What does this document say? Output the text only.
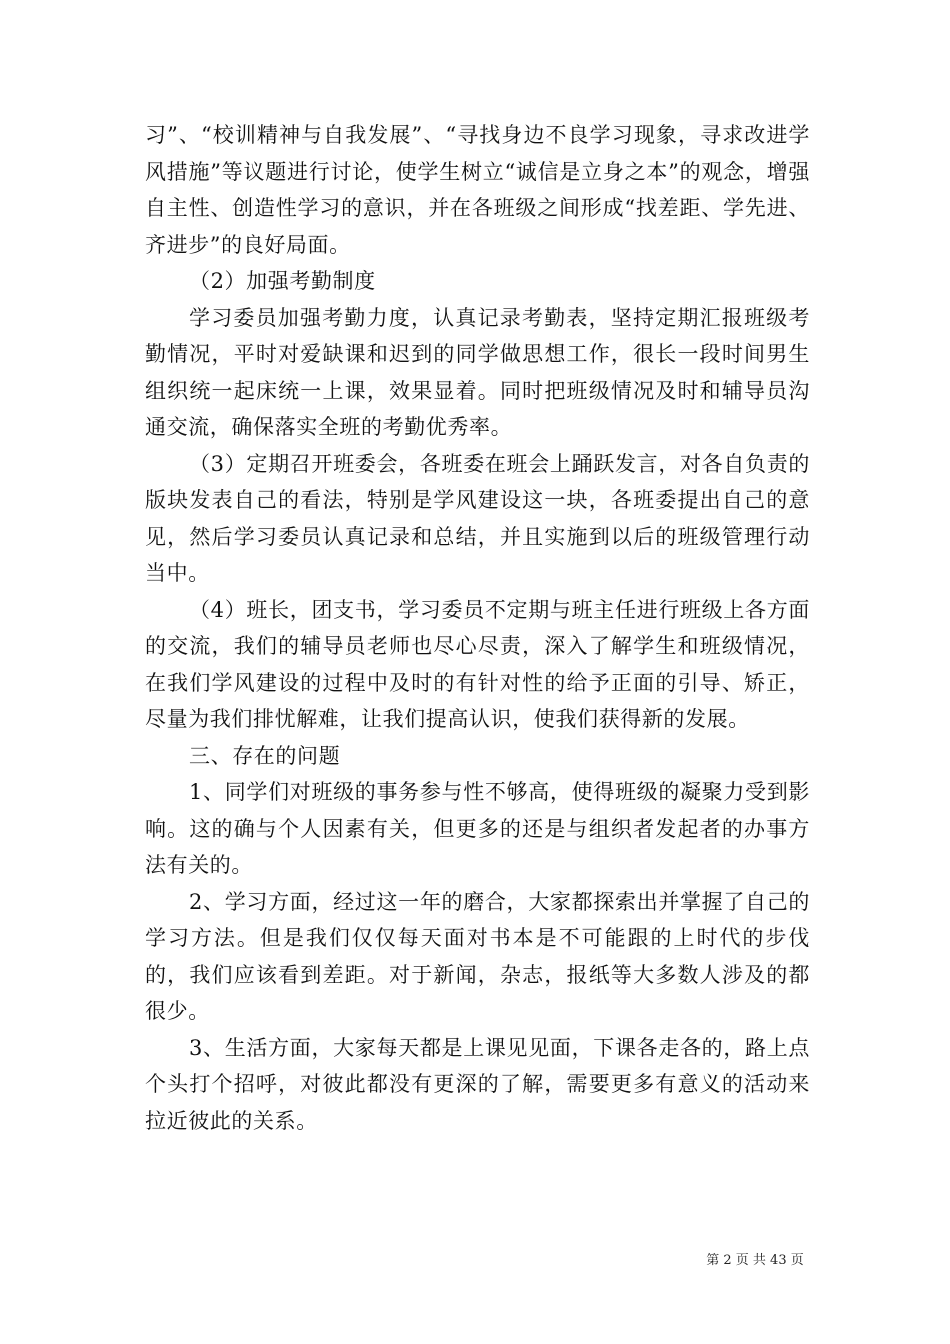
习”、“校训精神与自我发展”、“寻找身边不良学习现象，寻求改进学风措施”等议题进行讨论，使学生树立“诚信是立身之本”的观念，增强自主性、创造性学习的意识，并在各班级之间形成“找差距、学先进、齐进步”的良好局面。

（2）加强考勤制度

学习委员加强考勤力度，认真记录考勤表，坚持定期汇报班级考勤情况，平时对爱缺课和迟到的同学做思想工作，很长一段时间男生组织统一起床统一上课，效果显着。同时把班级情况及时和辅导员沟通交流，确保落实全班的考勤优秀率。

（3）定期召开班委会，各班委在班会上踊跃发言，对各自负责的版块发表自己的看法，特别是学风建设这一块，各班委提出自己的意见，然后学习委员认真记录和总结，并且实施到以后的班级管理行动当中。

（4）班长，团支书，学习委员不定期与班主任进行班级上各方面的交流，我们的辅导员老师也尽心尽责，深入了解学生和班级情况，在我们学风建设的过程中及时的有针对性的给予正面的引导、矫正，尽量为我们排忧解难，让我们提高认识，使我们获得新的发展。

三、存在的问题

1、同学们对班级的事务参与性不够高，使得班级的凝聚力受到影响。这的确与个人因素有关，但更多的还是与组织者发起者的办事方法有关的。

2、学习方面，经过这一年的磨合，大家都探索出并掌握了自己的学习方法。但是我们仅仅每天面对书本是不可能跟的上时代的步伐的，我们应该看到差距。对于新闻，杂志，报纸等大多数人涉及的都很少。

3、生活方面，大家每天都是上课见见面，下课各走各的，路上点个头打个招呼，对彼此都没有更深的了解，需要更多有意义的活动来拉近彼此的关系。

第 2 页 共 43 页
